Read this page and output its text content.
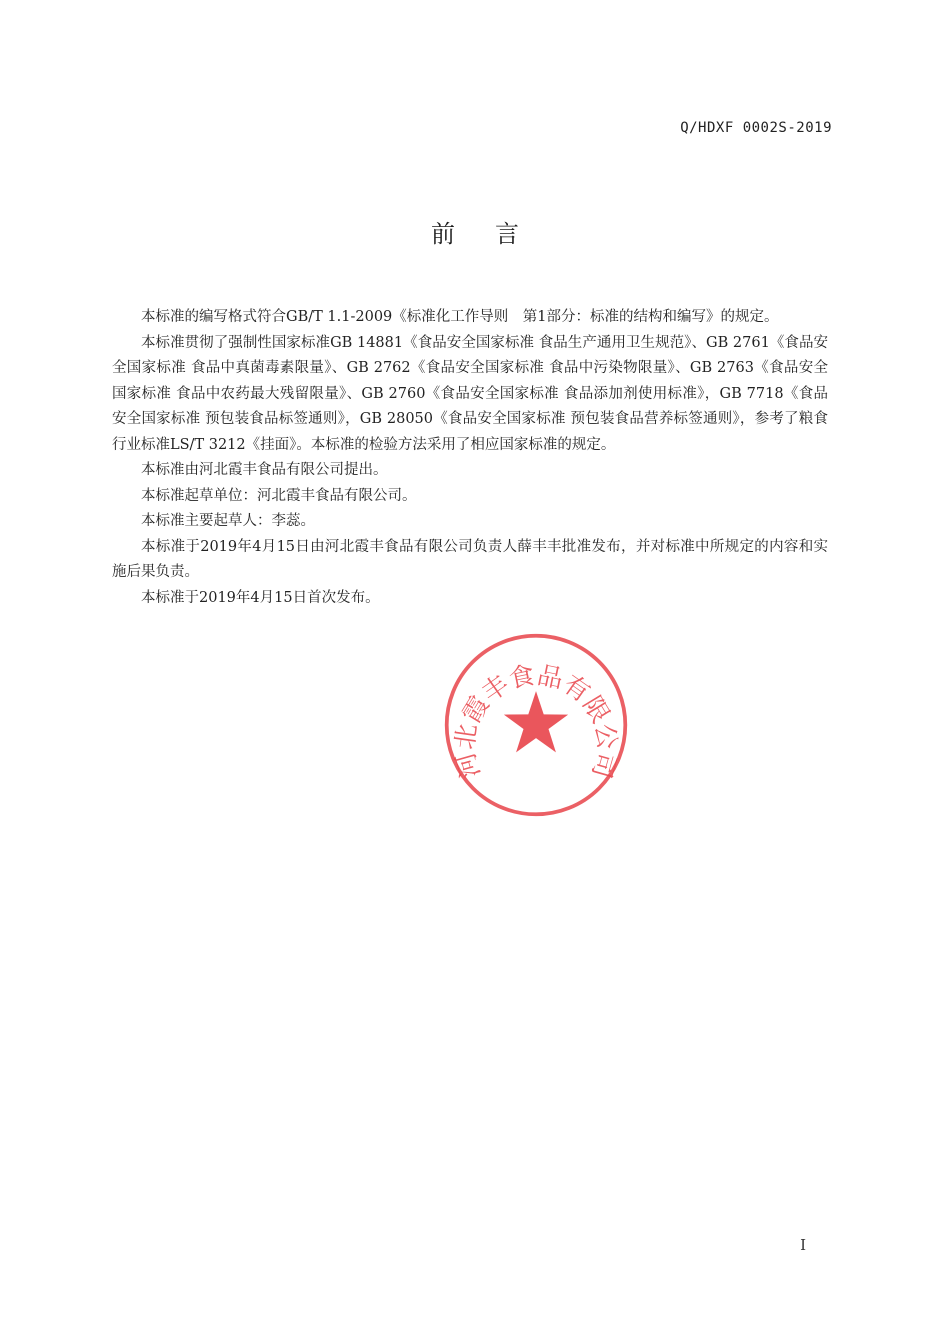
Q/HDXF 0002S-2019
前言

本标准的编写格式符合GB/T 1.1-2009《标准化工作导则　第1部分：标准的结构和编写》的规定。

本标准贯彻了强制性国家标准GB 14881《食品安全国家标准 食品生产通用卫生规范》、GB 2761《食品安全国家标准 食品中真菌毒素限量》、GB 2762《食品安全国家标准 食品中污染物限量》、GB 2763《食品安全国家标准 食品中农药最大残留限量》、GB 2760《食品安全国家标准 食品添加剂使用标准》，GB 7718《食品安全国家标准 预包装食品标签通则》，GB 28050《食品安全国家标准 预包装食品营养标签通则》，参考了粮食行业标准LS/T 3212《挂面》。本标准的检验方法采用了相应国家标准的规定。

本标准由河北霞丰食品有限公司提出。

本标准起草单位：河北霞丰食品有限公司。

本标准主要起草人：李蕊。

本标准于2019年4月15日由河北霞丰食品有限公司负责人薛丰丰批准发布，并对标准中所规定的内容和实施后果负责。

本标准于2019年4月15日首次发布。

河北霞丰食品有限公司
I
